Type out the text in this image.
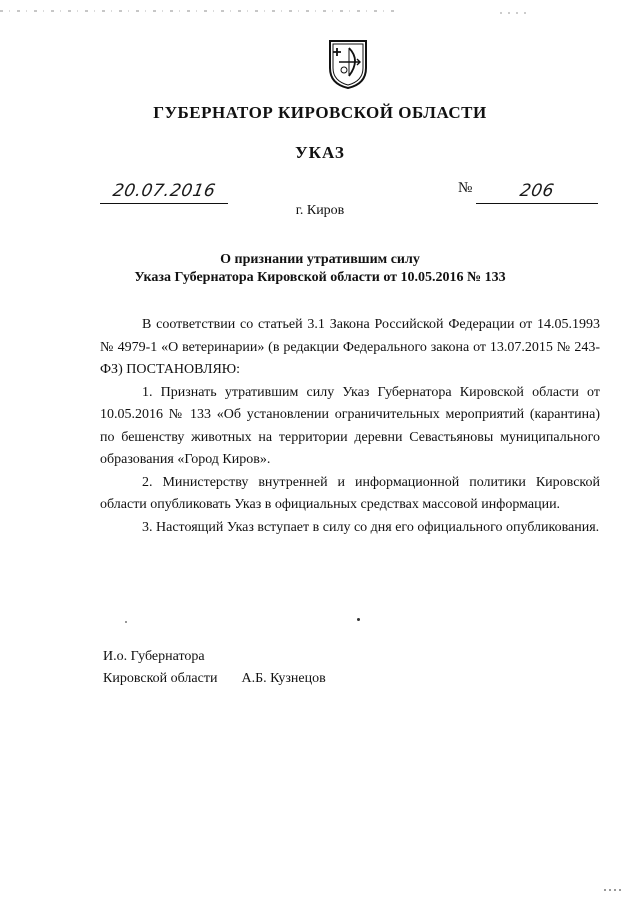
ГУБЕРНАТОР КИРОВСКОЙ ОБЛАСТИ
УКАЗ
20.07.2016	№	206
г. Киров
О признании утратившим силу
Указа Губернатора Кировской области от 10.05.2016 № 133

В соответствии со статьей 3.1 Закона Российской Федерации от 14.05.1993 № 4979-1 «О ветеринарии» (в редакции Федерального закона от 13.07.2015 № 243-ФЗ) ПОСТАНОВЛЯЮ:

1. Признать утратившим силу Указ Губернатора Кировской области от 10.05.2016 № 133 «Об установлении ограничительных мероприятий (карантина) по бешенству животных на территории деревни Севастьяновы муниципального образования «Город Киров».

2. Министерству внутренней и информационной политики Кировской области опубликовать Указ в официальных средствах массовой информации.

3. Настоящий Указ вступает в силу со дня его официального опубликования.

И.о. Губернатора
Кировской области А.Б. Кузнецов
